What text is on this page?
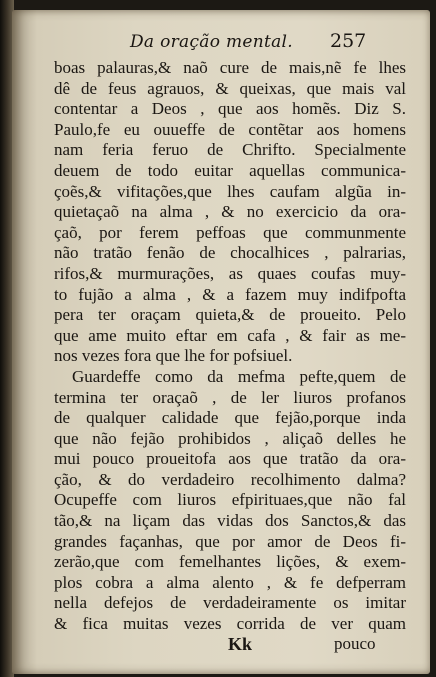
Da oração mental. 257
boas palauras,& naõ cure de mais,nẽ fe lhes
dê de feus agrauos, & queixas, que mais val
contentar a Deos , que aos homẽs. Diz S.
Paulo,fe eu ouueffe de contẽtar aos homens
nam feria feruo de Chrifto. Specialmente
deuem de todo euitar aquellas communica-
çoẽs,& vifitações,que lhes caufam algũa in-
quietaçaõ na alma , & no exercicio da ora-
çaõ, por ferem peffoas que communmente
não tratão fenão de chocalhices , palrarias,
rifos,& murmurações, as quaes coufas muy-
to fujão a alma , & a fazem muy indifpofta
pera ter oraçam quieta,& de proueito. Pelo
que ame muito eftar em cafa , & fair as me-
nos vezes fora que lhe for pofsiuel.
Guardeffe como da mefma pefte,quem de
termina ter oraçaõ , de ler liuros profanos
de qualquer calidade que fejão,porque inda
que não fejão prohibidos , aliçaõ delles he
mui pouco proueitofa aos que tratão da ora-
ção, & do verdadeiro recolhimento dalma?
Ocupeffe com liuros efpirituaes,que não fal
tão,& na liçam das vidas dos Sanctos,& das
grandes façanhas, que por amor de Deos fi-
zerão,que com femelhantes lições, & exem-
plos cobra a alma alento , & fe defperram
nella defejos de verdadeiramente os imitar
& fica muitas vezes corrida de ver quam
Kk	pouco
